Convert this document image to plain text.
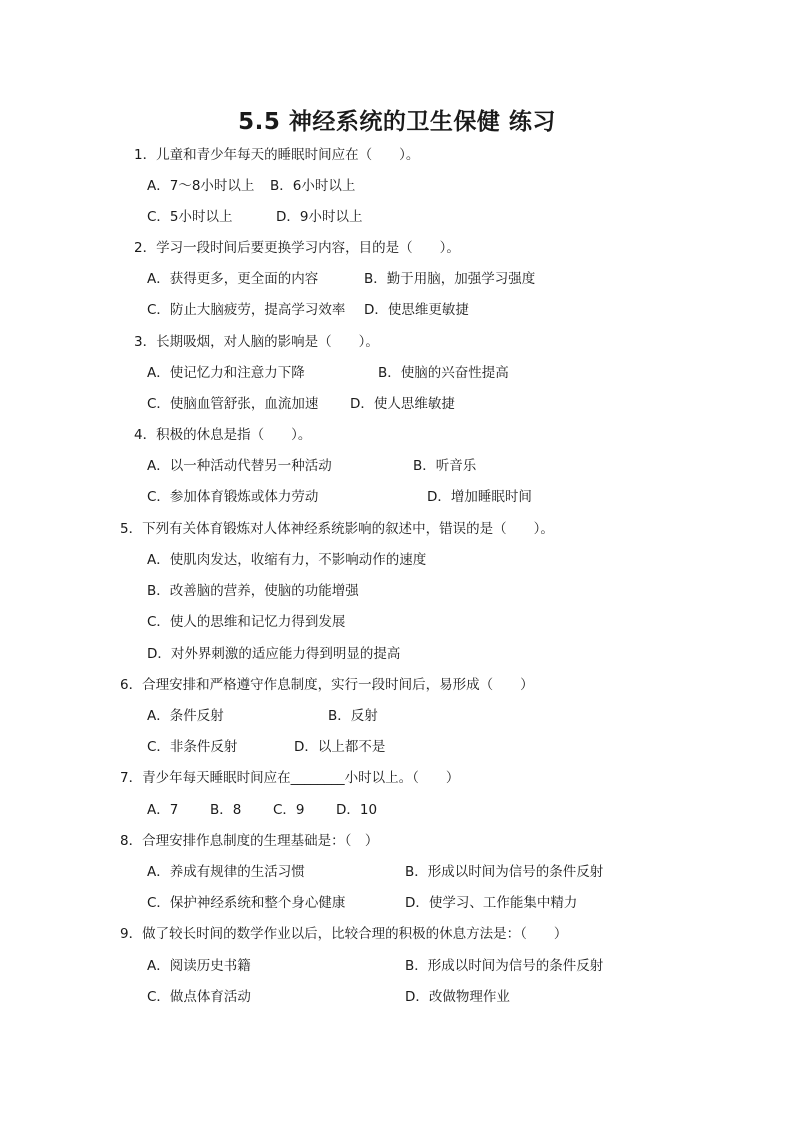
5.5 神经系统的卫生保健 练习
1．儿童和青少年每天的睡眠时间应在（　　）。
A．7～8小时以上 B．6小时以上
C．5小时以上	D．9小时以上
2．学习一段时间后要更换学习内容，目的是（　　）。
A．获得更多，更全面的内容	B．勤于用脑，加强学习强度
C．防止大脑疲劳，提高学习效率 D．使思维更敏捷
3．长期吸烟，对人脑的影响是（　　）。
A．使记忆力和注意力下降	B．使脑的兴奋性提高
C．使脑血管舒张，血流加速 D．使人思维敏捷
4．积极的休息是指（　　）。
A．以一种活动代替另一种活动	B．听音乐
C．参加体育锻炼或体力劳动	D．增加睡眠时间
5．下列有关体育锻炼对人体神经系统影响的叙述中，错误的是（　　）。
A．使肌肉发达，收缩有力，不影响动作的速度
B．改善脑的营养，使脑的功能增强
C．使人的思维和记忆力得到发展
D．对外界刺激的适应能力得到明显的提高
6．合理安排和严格遵守作息制度，实行一段时间后，易形成（　　）
A．条件反射	B．反射
C．非条件反射	D．以上都不是
7．青少年每天睡眠时间应在________小时以上。（　　）
A．7 B．8 C．9 D．10
8．合理安排作息制度的生理基础是：（　）
A．养成有规律的生活习惯	B．形成以时间为信号的条件反射
C．保护神经系统和整个身心健康	D．使学习、工作能集中精力
9．做了较长时间的数学作业以后，比较合理的积极的休息方法是：（　　）
A．阅读历史书籍	B．形成以时间为信号的条件反射
C．做点体育活动	D．改做物理作业
